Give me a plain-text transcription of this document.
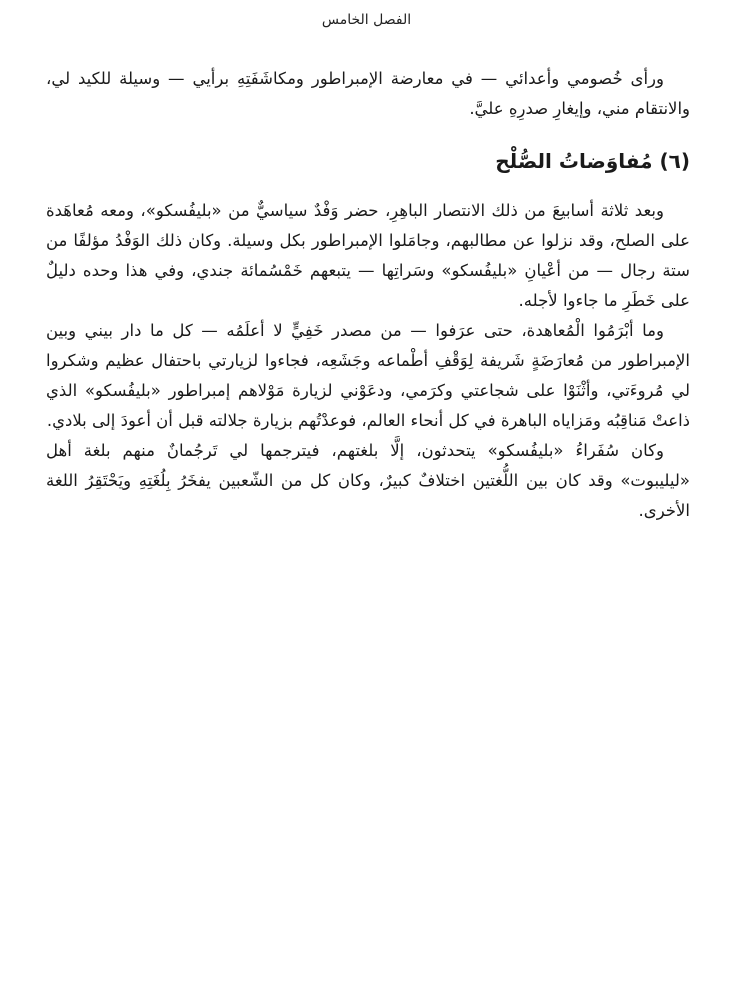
الفصل الخامس

ورأى خُصومي وأعدائي — في معارضة الإمبراطور ومكاشَفَتِهِ برأيي — وسيلة للكيد لي، والانتقام مني، وإيغارِ صدرِهِ عليَّ.

(٦) مُفاوَضاتُ الصُّلْح

وبعد ثلاثة أسابيعَ من ذلك الانتصار الباهِرِ، حضر وَفْدٌ سياسيٌّ من «بليفُسكو»، ومعه مُعاهَدة على الصلح، وقد نزلوا عن مطالبهم، وجامَلوا الإمبراطور بكل وسيلة. وكان ذلك الوَفْدُ مؤلفًا من ستة رجال — من أعْيانِ «بليفُسكو» وسَراتِها — يتبعهم خَمْسُمائة جندي، وفي هذا وحده دليلٌ على خَطَرِ ما جاءوا لأجله.

وما أبْرَمُوا الْمُعاهدة، حتى عرَفوا — من مصدر خَفِيٍّ لا أعلَمُه — كل ما دار بيني وبين الإمبراطور من مُعارَضَةٍ شَريفة لِوَقْفِ أطْماعه وجَشَعِه، فجاءوا لزيارتي باحتفال عظيم وشكروا لي مُروءَتي، وأثْنَوْا على شجاعتي وكرَمي، ودعَوْني لزيارة مَوْلاهم إمبراطور «بليفُسكو» الذي ذاعتْ مَناقِبُه ومَزاياه الباهرة في كل أنحاء العالم، فوعدْتُهم بزيارة جلالته قبل أن أعودَ إلى بلادي.

وكان سُفَراءُ «بليفُسكو» يتحدثون، إلَّا بلغتهم، فيترجمها لي تَرجُمانٌ منهم بلغة أهل «ليليبوت» وقد كان بين اللُّغتين اختلافٌ كبيرٌ، وكان كل من الشّعبين يفخَرُ بِلُغَتِهِ ويَحْتَقِرُ اللغة الأخرى.
